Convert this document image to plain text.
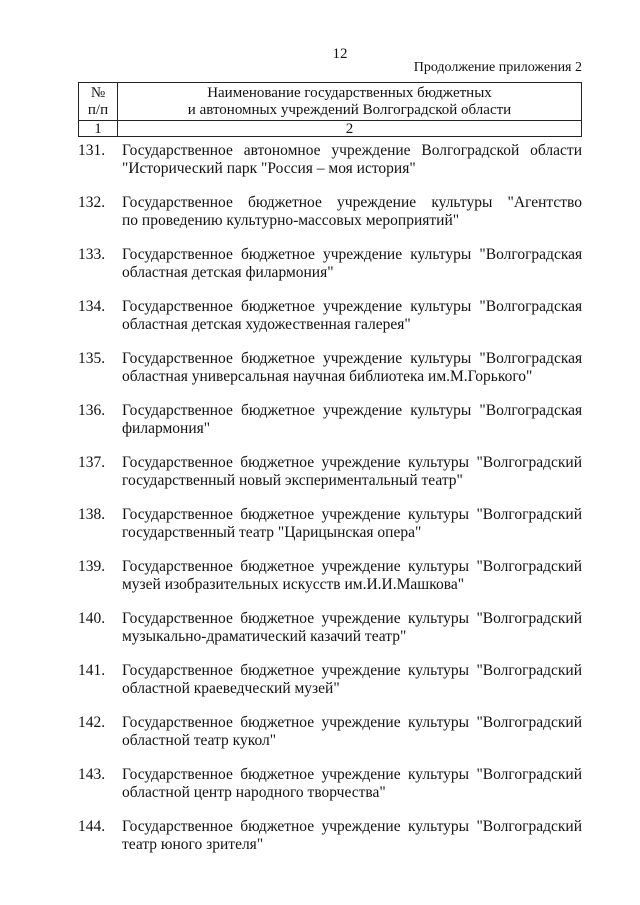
12
Продолжение приложения 2
№
п/п	Наименование государственных бюджетных
и автономных учреждений Волгоградской области

1	2
131.	Государственное автономное учреждение Волгоградской области
"Исторический парк "Россия – моя история"
132.	Государственное бюджетное учреждение культуры "Агентство
по проведению культурно-массовых мероприятий"
133.	Государственное бюджетное учреждение культуры "Волгоградская
областная детская филармония"
134.	Государственное бюджетное учреждение культуры "Волгоградская
областная детская художественная галерея"
135.	Государственное бюджетное учреждение культуры "Волгоградская
областная универсальная научная библиотека им.М.Горького"
136.	Государственное бюджетное учреждение культуры "Волгоградская
филармония"
137.	Государственное бюджетное учреждение культуры "Волгоградский
государственный новый экспериментальный театр"
138.	Государственное бюджетное учреждение культуры "Волгоградский
государственный театр "Царицынская опера"
139.	Государственное бюджетное учреждение культуры "Волгоградский
музей изобразительных искусств им.И.И.Машкова"
140.	Государственное бюджетное учреждение культуры "Волгоградский
музыкально-драматический казачий театр"
141.	Государственное бюджетное учреждение культуры "Волгоградский
областной краеведческий музей"
142.	Государственное бюджетное учреждение культуры "Волгоградский
областной театр кукол"
143.	Государственное бюджетное учреждение культуры "Волгоградский
областной центр народного творчества"
144.	Государственное бюджетное учреждение культуры "Волгоградский
театр юного зрителя"
